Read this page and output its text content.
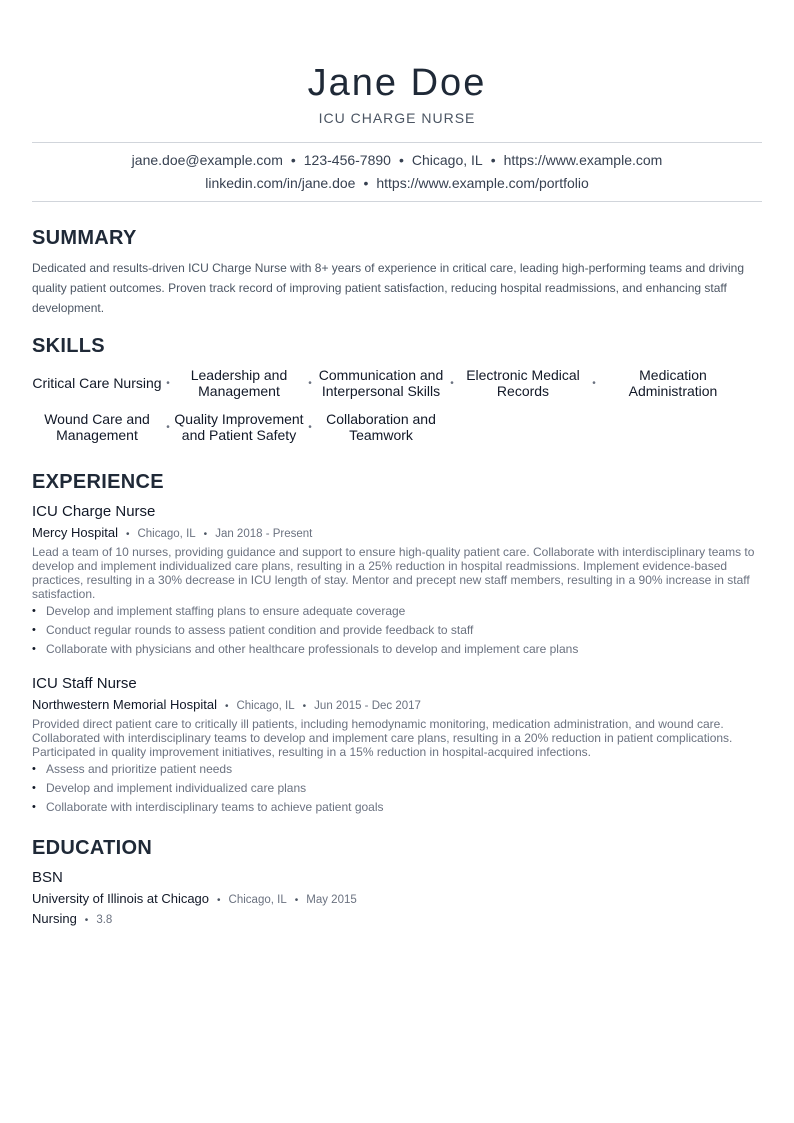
Jane Doe
ICU CHARGE NURSE
jane.doe@example.com • 123-456-7890 • Chicago, IL • https://www.example.com
linkedin.com/in/jane.doe • https://www.example.com/portfolio
SUMMARY

Dedicated and results-driven ICU Charge Nurse with 8+ years of experience in critical care, leading high-performing teams and driving quality patient outcomes. Proven track record of improving patient satisfaction, reducing hospital readmissions, and enhancing staff development.

SKILLS
Critical Care Nursing •	Leadership and Management	• Communication and Interpersonal Skills	• Electronic Medical Records	•	Medication Administration
Wound Care and Management	• Quality Improvement and Patient Safety	•	Collaboration and Teamwork
EXPERIENCE
ICU Charge Nurse
Mercy Hospital • Chicago, IL • Jan 2018 - Present

Lead a team of 10 nurses, providing guidance and support to ensure high-quality patient care. Collaborate with interdisciplinary teams to develop and implement individualized care plans, resulting in a 25% reduction in hospital readmissions. Implement evidence-based practices, resulting in a 30% decrease in ICU length of stay. Mentor and precept new staff members, resulting in a 90% increase in staff satisfaction.

• Develop and implement staffing plans to ensure adequate coverage
• Conduct regular rounds to assess patient condition and provide feedback to staff
• Collaborate with physicians and other healthcare professionals to develop and implement care plans
ICU Staff Nurse
Northwestern Memorial Hospital • Chicago, IL • Jun 2015 - Dec 2017

Provided direct patient care to critically ill patients, including hemodynamic monitoring, medication administration, and wound care. Collaborated with interdisciplinary teams to develop and implement care plans, resulting in a 20% reduction in patient complications. Participated in quality improvement initiatives, resulting in a 15% reduction in hospital-acquired infections.

• Assess and prioritize patient needs
• Develop and implement individualized care plans
• Collaborate with interdisciplinary teams to achieve patient goals
EDUCATION
BSN
University of Illinois at Chicago • Chicago, IL • May 2015
Nursing • 3.8
